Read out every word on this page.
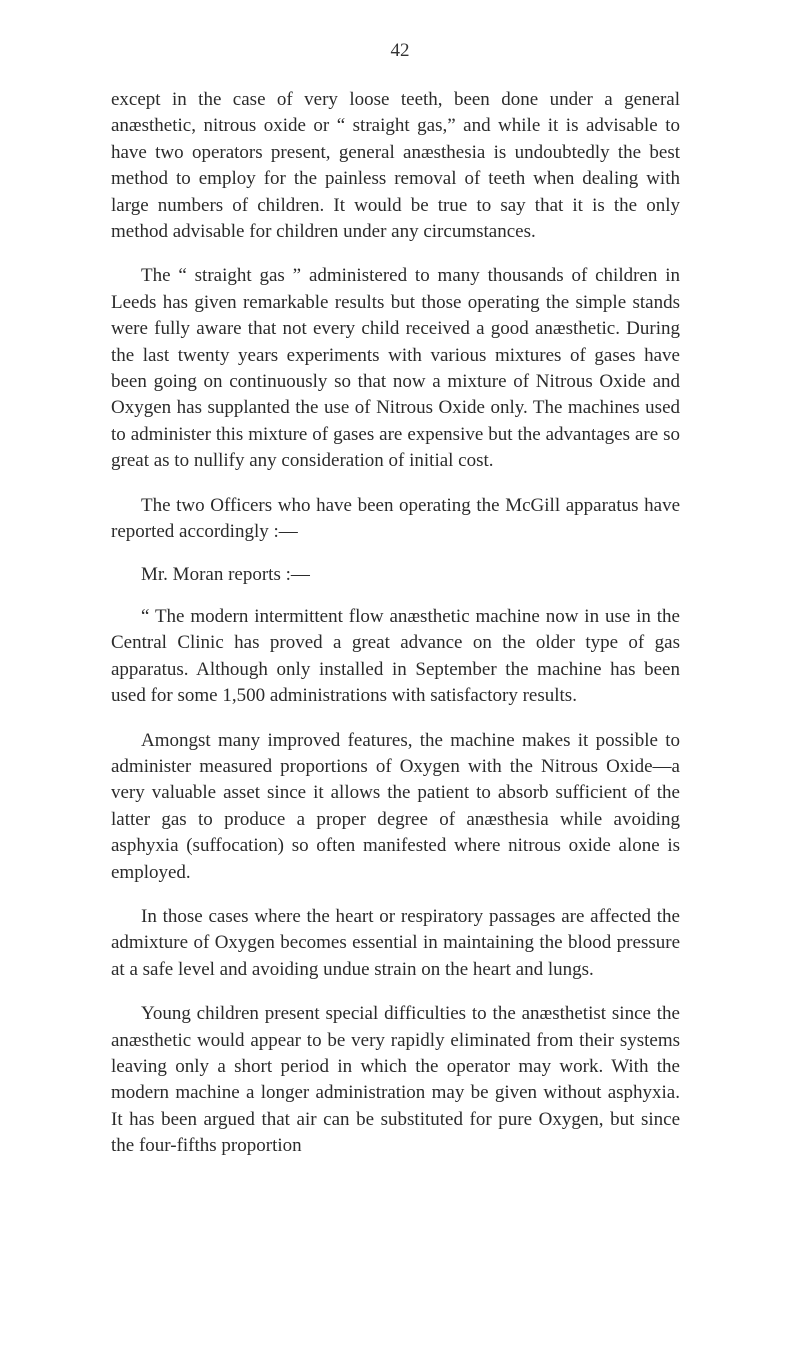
42

except in the case of very loose teeth, been done under a general anæsthetic, nitrous oxide or “ straight gas,” and while it is advisable to have two operators present, general anæsthesia is undoubtedly the best method to employ for the painless removal of teeth when dealing with large numbers of children. It would be true to say that it is the only method advisable for children under any circumstances.

The “ straight gas ” administered to many thousands of children in Leeds has given remarkable results but those operating the simple stands were fully aware that not every child received a good anæsthetic. During the last twenty years experiments with various mixtures of gases have been going on continuously so that now a mixture of Nitrous Oxide and Oxygen has supplanted the use of Nitrous Oxide only. The machines used to administer this mixture of gases are expensive but the advantages are so great as to nullify any consideration of initial cost.

The two Officers who have been operating the McGill apparatus have reported accordingly :—

Mr. Moran reports :—

“ The modern intermittent flow anæsthetic machine now in use in the Central Clinic has proved a great advance on the older type of gas apparatus. Although only installed in September the machine has been used for some 1,500 administrations with satisfactory results.

Amongst many improved features, the machine makes it possible to administer measured proportions of Oxygen with the Nitrous Oxide—a very valuable asset since it allows the patient to absorb sufficient of the latter gas to produce a proper degree of anæsthesia while avoiding asphyxia (suffocation) so often manifested where nitrous oxide alone is employed.

In those cases where the heart or respiratory passages are affected the admixture of Oxygen becomes essential in maintaining the blood pressure at a safe level and avoiding undue strain on the heart and lungs.

Young children present special difficulties to the anæsthetist since the anæsthetic would appear to be very rapidly eliminated from their systems leaving only a short period in which the operator may work. With the modern machine a longer administration may be given without asphyxia. It has been argued that air can be substituted for pure Oxygen, but since the four-fifths proportion
